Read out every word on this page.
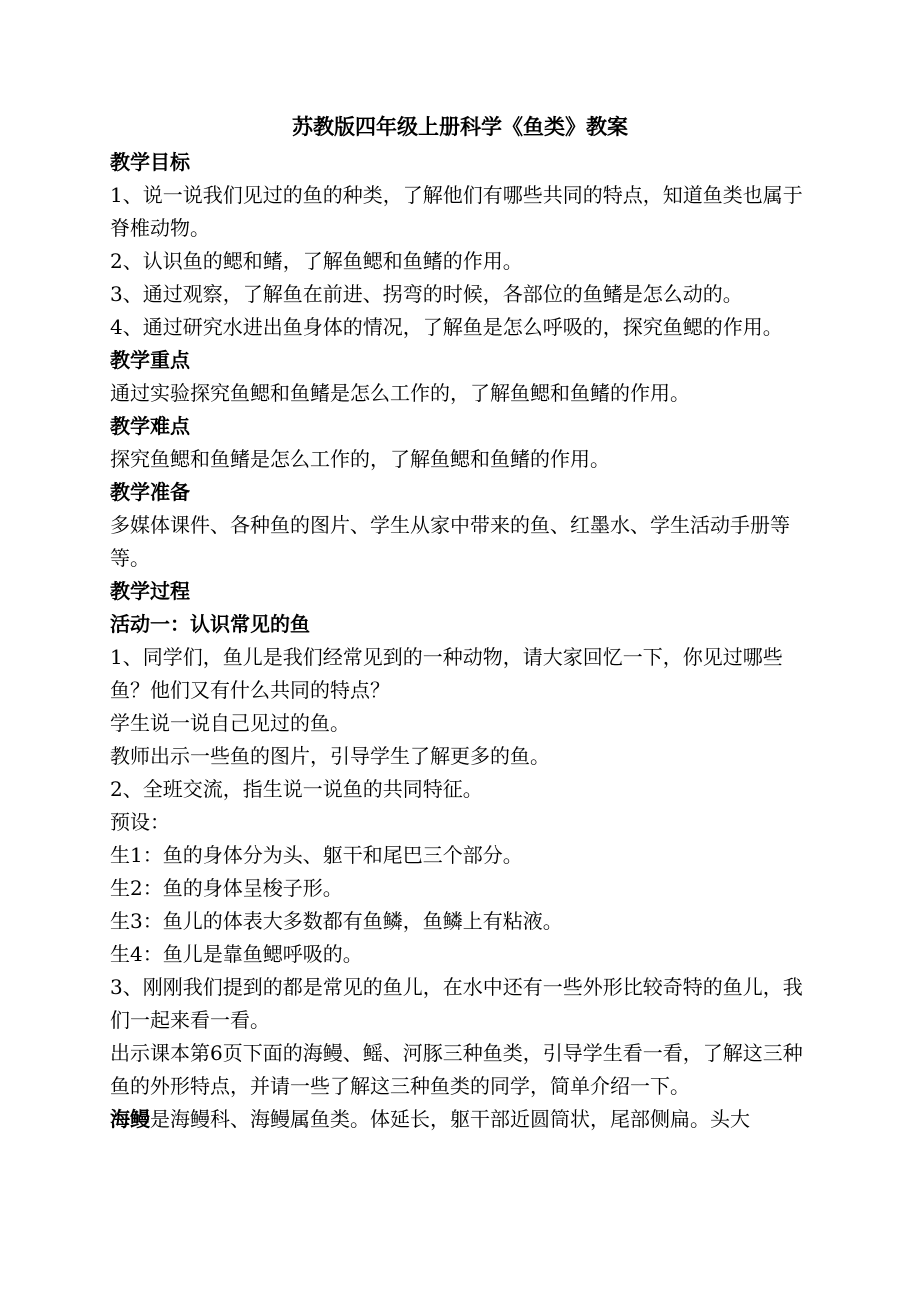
苏教版四年级上册科学《鱼类》教案

教学目标

1、说一说我们见过的鱼的种类，了解他们有哪些共同的特点，知道鱼类也属于脊椎动物。

2、认识鱼的鳃和鳍，了解鱼鳃和鱼鳍的作用。

3、通过观察，了解鱼在前进、拐弯的时候，各部位的鱼鳍是怎么动的。

4、通过研究水进出鱼身体的情况，了解鱼是怎么呼吸的，探究鱼鳃的作用。

教学重点

通过实验探究鱼鳃和鱼鳍是怎么工作的，了解鱼鳃和鱼鳍的作用。

教学难点

探究鱼鳃和鱼鳍是怎么工作的，了解鱼鳃和鱼鳍的作用。

教学准备

多媒体课件、各种鱼的图片、学生从家中带来的鱼、红墨水、学生活动手册等等。

教学过程

活动一：认识常见的鱼

1、同学们，鱼儿是我们经常见到的一种动物，请大家回忆一下，你见过哪些鱼？他们又有什么共同的特点？

学生说一说自己见过的鱼。

教师出示一些鱼的图片，引导学生了解更多的鱼。

2、全班交流，指生说一说鱼的共同特征。

预设：

生1：鱼的身体分为头、躯干和尾巴三个部分。

生2：鱼的身体呈梭子形。

生3：鱼儿的体表大多数都有鱼鳞，鱼鳞上有粘液。

生4：鱼儿是靠鱼鳃呼吸的。

3、刚刚我们提到的都是常见的鱼儿，在水中还有一些外形比较奇特的鱼儿，我们一起来看一看。

出示课本第6页下面的海鳗、鳐、河豚三种鱼类，引导学生看一看，了解这三种鱼的外形特点，并请一些了解这三种鱼类的同学，简单介绍一下。

海鳗是海鳗科、海鳗属鱼类。体延长，躯干部近圆筒状，尾部侧扁。头大
